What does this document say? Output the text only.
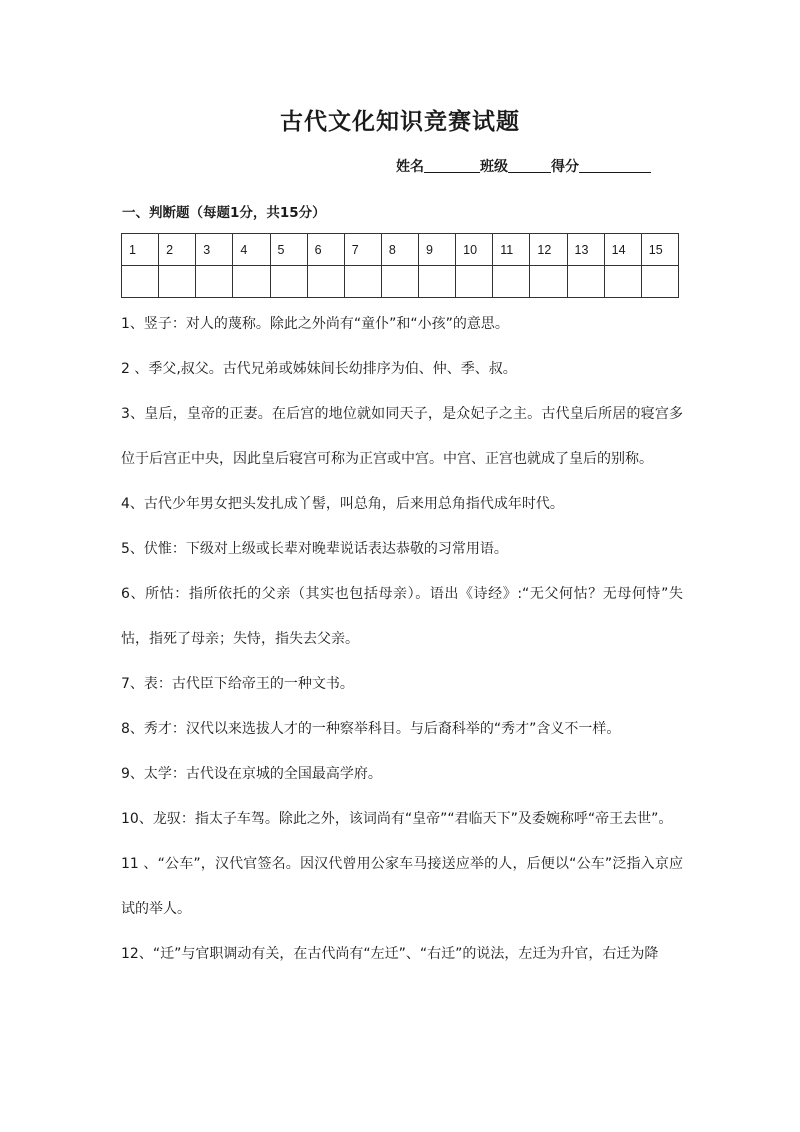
古代文化知识竞赛试题
姓名	班级	得分
一、判断题（每题1分，共15分）
1	2	3	4	5	6	7	8	9	10	11	12	13	14	15

1、竖子：对人的蔑称。除此之外尚有“童仆”和“小孩”的意思。

2 、季父,叔父。古代兄弟或姊妹间长幼排序为伯、仲、季、叔。

3、皇后，皇帝的正妻。在后宫的地位就如同天子，是众妃子之主。古代皇后所居的寝宫多位于后宫正中央，因此皇后寝宫可称为正宫或中宫。中宫、正宫也就成了皇后的别称。

4、古代少年男女把头发扎成丫髻，叫总角，后来用总角指代成年时代。

5、伏惟：下级对上级或长辈对晚辈说话表达恭敬的习常用语。

6、所怙：指所依托的父亲（其实也包括母亲）。语出《诗经》:“无父何怙？无母何恃”失怙，指死了母亲；失恃，指失去父亲。

7、表：古代臣下给帝王的一种文书。

8、秀才：汉代以来选拔人才的一种察举科目。与后裔科举的“秀才”含义不一样。

9、太学：古代设在京城的全国最高学府。

10、龙驭：指太子车驾。除此之外，该词尚有“皇帝”“君临天下”及委婉称呼“帝王去世”。

11 、“公车”，汉代官签名。因汉代曾用公家车马接送应举的人，后便以“公车”泛指入京应试的举人。

12、“迁”与官职调动有关，在古代尚有“左迁”、“右迁”的说法，左迁为升官，右迁为降
